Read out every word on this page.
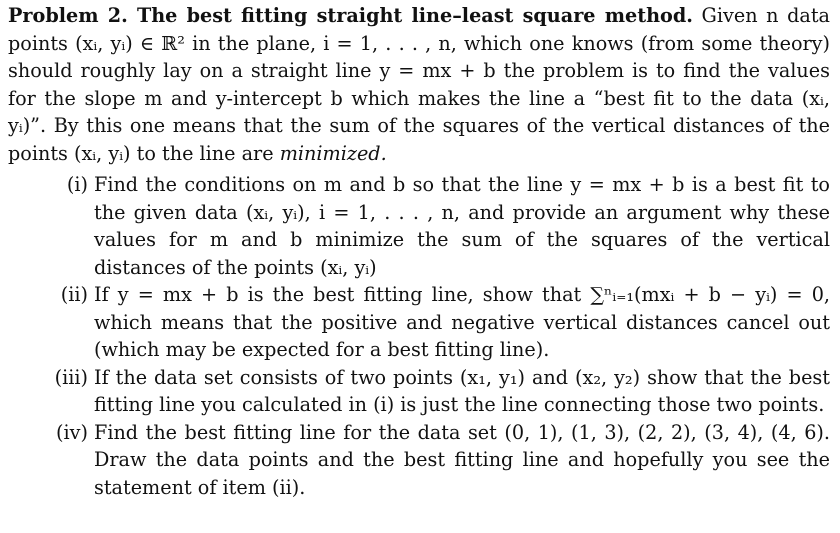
Problem 2. The best fitting straight line–least square method. Given n data points (xᵢ, yᵢ) ∈ ℝ² in the plane, i = 1, . . . , n, which one knows (from some theory) should roughly lay on a straight line y = mx + b the problem is to find the values for the slope m and y-intercept b which makes the line a “best fit to the data (xᵢ, yᵢ)”. By this one means that the sum of the squares of the vertical distances of the points (xᵢ, yᵢ) to the line are minimized.

(i) Find the conditions on m and b so that the line y = mx + b is a best fit to the given data (xᵢ, yᵢ), i = 1, . . . , n, and provide an argument why these values for m and b minimize the sum of the squares of the vertical distances of the points (xᵢ, yᵢ)

(ii) If y = mx + b is the best fitting line, show that ∑ⁿᵢ₌₁(mxᵢ + b − yᵢ) = 0, which means that the positive and negative vertical distances cancel out (which may be expected for a best fitting line).

(iii) If the data set consists of two points (x₁, y₁) and (x₂, y₂) show that the best fitting line you calculated in (i) is just the line connecting those two points.

(iv) Find the best fitting line for the data set (0, 1), (1, 3), (2, 2), (3, 4), (4, 6). Draw the data points and the best fitting line and hopefully you see the statement of item (ii).
